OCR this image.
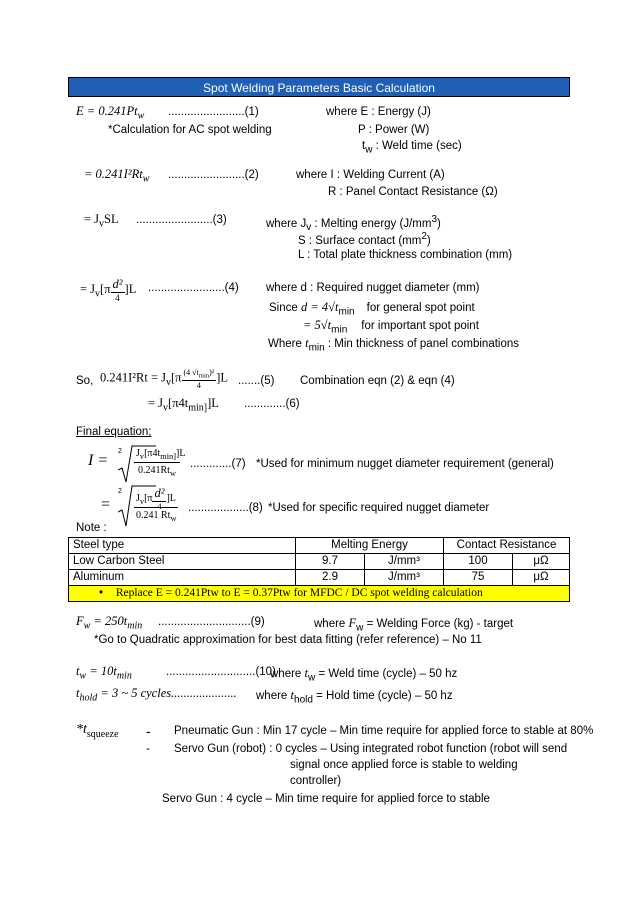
Spot Welding Parameters Basic Calculation
$E = 0.241Pt_w$ ........................(1)
*Calculation for AC spot welding
where E : Energy (J)
P : Power (W)
$t_w$ : Weld time (sec)
= $0.241I^2Rt_w$ ........................(2)	where I : Welding Current (A)
R : Panel Contact Resistance (Ω)
= $J_vSL$ ........................(3)	where $J_v$ : Melting energy $(J/mm^3)$
S : Surface contact $(mm^2)$
L : Total plate thickness combination (mm)
= $J_v[\pi \frac{\text{d²}}{4} ]L$ ........................(4) where d : Required nugget diameter (mm)
Since $d = 4√t_{min}$ for general spot point
= $5√t_{min}$ for important spot point
Where $t_{min}$ : Min thickness of panel combinations
So, $0.241I^2Rt = J_v[\pi \frac{(4 √t_{min})^2}{4} ]L$ .......(5) Combination eqn (2) & eqn (4)
= $J_v[\pi 4t_{min]}]L$ .............(6)
Final equation;
I =
2 $J_v[\pi 4t_{min]}]L$
$0.241Rt_w$
.............(7) *Used for minimum nugget diameter requirement (general)
=
2
$J_v[\pi \frac{\text{d²}}{4} ]L$
0.241 $Rt_w$
...................(8) *Used for specific required nugget diameter
Note :
Steel type	Melting Energy		Contact Resistance	
Low Carbon Steel	9.7	J/mm³	100	μΩ
Aluminum	2.9	J/mm³	75	μΩ
• Replace E = 0.241Ptw to E = 0.37Ptw for MFDC / DC spot welding calculation				
$F_w = 250t_{min}$ .............................(9)	where $F_w$ = Welding Force (kg) - target
*Go to Quadratic approximation for best data fitting (refer reference) – No 11
$t_w = 10t_{min}$	............................(10)
where $t_w$ = Weld time (cycle) – 50 hz
$t_{hold} = 3$ ~ 5 cycles..................... where $t_{hold}$ = Hold time (cycle) – 50 hz
$*t_{squeeze}$ - Pneumatic Gun : Min 17 cycle – Min time require for applied force to stable at 80%
- Servo Gun (robot) : 0 cycles – Using integrated robot function (robot will send
signal once applied force is stable to welding
controller)
Servo Gun : 4 cycle – Min time require for applied force to stable
